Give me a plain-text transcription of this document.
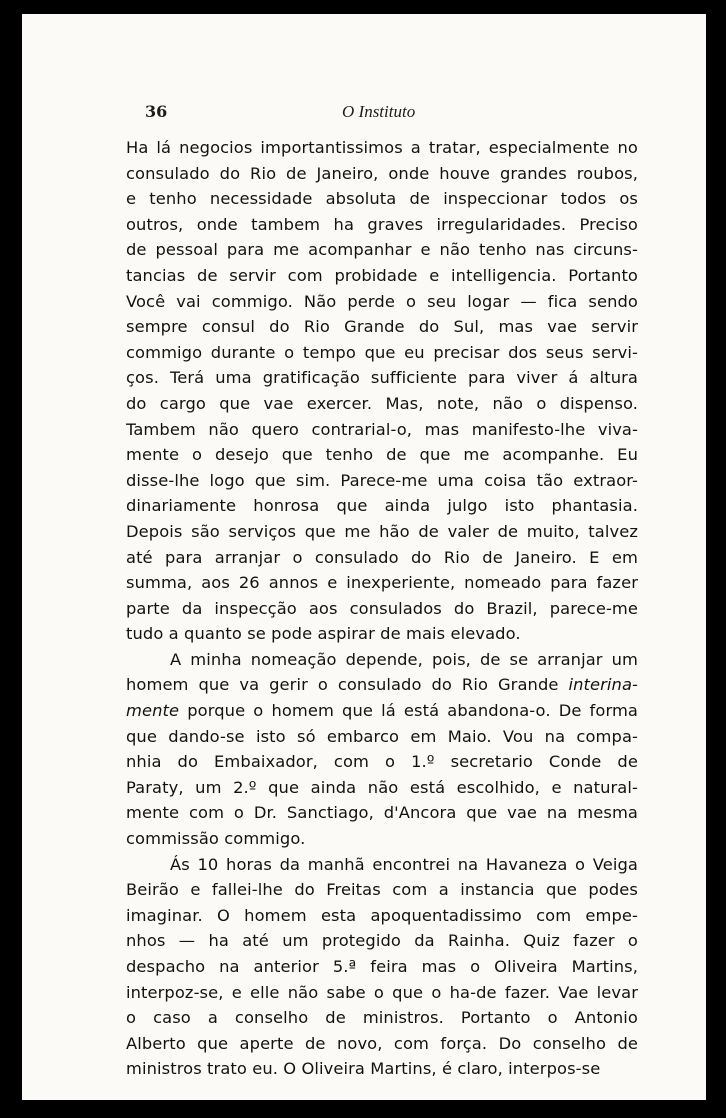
36	O Instituto
Ha lá negocios importantissimos a tratar, especialmente no
consulado do Rio de Janeiro, onde houve grandes roubos,
e tenho necessidade absoluta de inspeccionar todos os
outros, onde tambem ha graves irregularidades. Preciso
de pessoal para me acompanhar e não tenho nas circuns-
tancias de servir com probidade e intelligencia. Portanto
Você vai commigo. Não perde o seu logar — fica sendo
sempre consul do Rio Grande do Sul, mas vae servir
commigo durante o tempo que eu precisar dos seus servi-
ços. Terá uma gratificação sufficiente para viver á altura
do cargo que vae exercer. Mas, note, não o dispenso.
Tambem não quero contrarial-o, mas manifesto-lhe viva-
mente o desejo que tenho de que me acompanhe. Eu
disse-lhe logo que sim. Parece-me uma coisa tão extraor-
dinariamente honrosa que ainda julgo isto phantasia.
Depois são serviços que me hão de valer de muito, talvez
até para arranjar o consulado do Rio de Janeiro. E em
summa, aos 26 annos e inexperiente, nomeado para fazer
parte da inspecção aos consulados do Brazil, parece-me
tudo a quanto se pode aspirar de mais elevado.
A minha nomeação depende, pois, de se arranjar um
homem que va gerir o consulado do Rio Grande interina-
mente porque o homem que lá está abandona-o. De forma
que dando-se isto só embarco em Maio. Vou na compa-
nhia do Embaixador, com o 1.º secretario Conde de
Paraty, um 2.º que ainda não está escolhido, e natural-
mente com o Dr. Sanctiago, d'Ancora que vae na mesma
commissão commigo.
Ás 10 horas da manhã encontrei na Havaneza o Veiga
Beirão e fallei-lhe do Freitas com a instancia que podes
imaginar. O homem esta apoquentadissimo com empe-
nhos — ha até um protegido da Rainha. Quiz fazer o
despacho na anterior 5.ª feira mas o Oliveira Martins,
interpoz-se, e elle não sabe o que o ha-de fazer. Vae levar
o caso a conselho de ministros. Portanto o Antonio
Alberto que aperte de novo, com força. Do conselho de
ministros trato eu. O Oliveira Martins, é claro, interpos-se
